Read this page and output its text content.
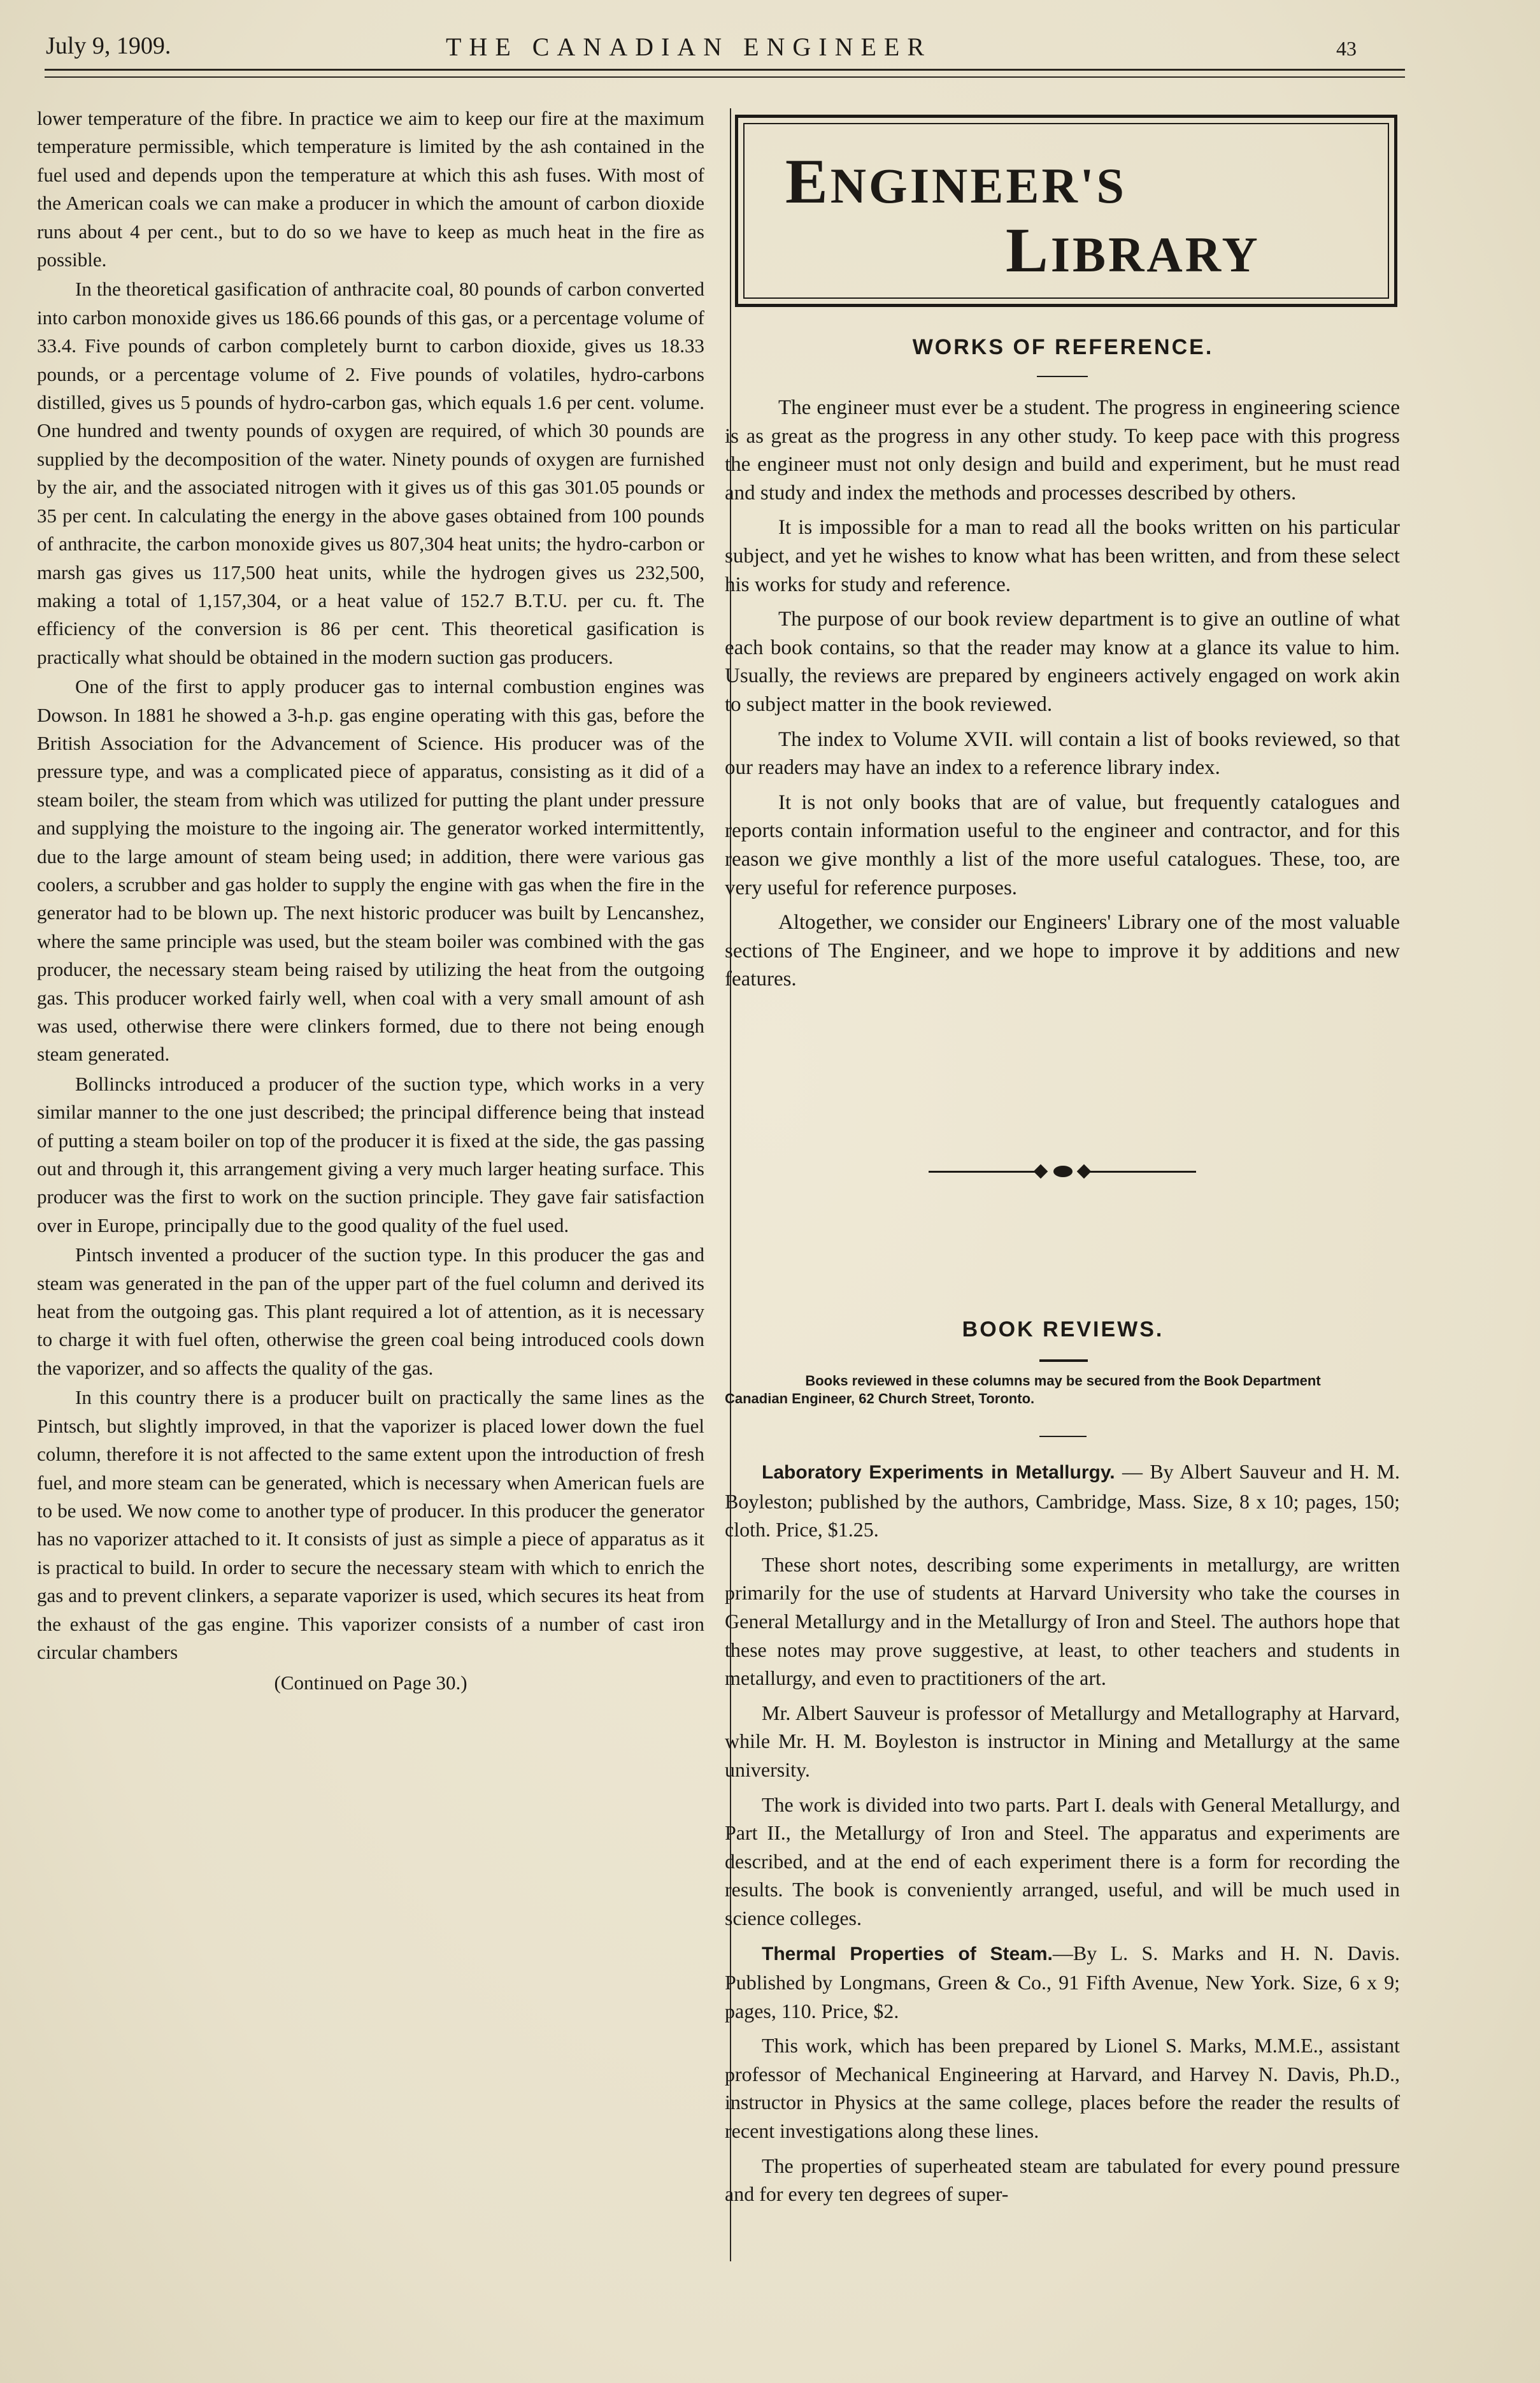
July 9, 1909.	THE CANADIAN ENGINEER	43

lower temperature of the fibre. In practice we aim to keep our fire at the maximum temperature permissible, which temperature is limited by the ash contained in the fuel used and depends upon the temperature at which this ash fuses. With most of the American coals we can make a producer in which the amount of carbon dioxide runs about 4 per cent., but to do so we have to keep as much heat in the fire as possible.

In the theoretical gasification of anthracite coal, 80 pounds of carbon converted into carbon monoxide gives us 186.66 pounds of this gas, or a percentage volume of 33.4. Five pounds of carbon completely burnt to carbon dioxide, gives us 18.33 pounds, or a percentage volume of 2. Five pounds of volatiles, hydro-carbons distilled, gives us 5 pounds of hydro-carbon gas, which equals 1.6 per cent. volume. One hundred and twenty pounds of oxygen are required, of which 30 pounds are supplied by the decomposition of the water. Ninety pounds of oxygen are furnished by the air, and the associated nitrogen with it gives us of this gas 301.05 pounds or 35 per cent. In calculating the energy in the above gases obtained from 100 pounds of anthracite, the carbon monoxide gives us 807,304 heat units; the hydro-carbon or marsh gas gives us 117,500 heat units, while the hydrogen gives us 232,500, making a total of 1,157,304, or a heat value of 152.7 B.T.U. per cu. ft. The efficiency of the conversion is 86 per cent. This theoretical gasification is practically what should be obtained in the modern suction gas producers.

One of the first to apply producer gas to internal combustion engines was Dowson. In 1881 he showed a 3-h.p. gas engine operating with this gas, before the British Association for the Advancement of Science. His producer was of the pressure type, and was a complicated piece of apparatus, consisting as it did of a steam boiler, the steam from which was utilized for putting the plant under pressure and supplying the moisture to the ingoing air. The generator worked intermittently, due to the large amount of steam being used; in addition, there were various gas coolers, a scrubber and gas holder to supply the engine with gas when the fire in the generator had to be blown up. The next historic producer was built by Lencanshez, where the same principle was used, but the steam boiler was combined with the gas producer, the necessary steam being raised by utilizing the heat from the outgoing gas. This producer worked fairly well, when coal with a very small amount of ash was used, otherwise there were clinkers formed, due to there not being enough steam generated.

Bollincks introduced a producer of the suction type, which works in a very similar manner to the one just described; the principal difference being that instead of putting a steam boiler on top of the producer it is fixed at the side, the gas passing out and through it, this arrangement giving a very much larger heating surface. This producer was the first to work on the suction principle. They gave fair satisfaction over in Europe, principally due to the good quality of the fuel used.

Pintsch invented a producer of the suction type. In this producer the gas and steam was generated in the pan of the upper part of the fuel column and derived its heat from the outgoing gas. This plant required a lot of attention, as it is necessary to charge it with fuel often, otherwise the green coal being introduced cools down the vaporizer, and so affects the quality of the gas.

In this country there is a producer built on practically the same lines as the Pintsch, but slightly improved, in that the vaporizer is placed lower down the fuel column, therefore it is not affected to the same extent upon the introduction of fresh fuel, and more steam can be generated, which is necessary when American fuels are to be used. We now come to another type of producer. In this producer the generator has no vaporizer attached to it. It consists of just as simple a piece of apparatus as it is practical to build. In order to secure the necessary steam with which to enrich the gas and to prevent clinkers, a separate vaporizer is used, which secures its heat from the exhaust of the gas engine. This vaporizer consists of a number of cast iron circular chambers

(Continued on Page 30.)
ENGINEER'S
LIBRARY
WORKS OF REFERENCE.

The engineer must ever be a student. The progress in engineering science is as great as the progress in any other study. To keep pace with this progress the engineer must not only design and build and experiment, but he must read and study and index the methods and processes described by others.

It is impossible for a man to read all the books written on his particular subject, and yet he wishes to know what has been written, and from these select his works for study and reference.

The purpose of our book review department is to give an outline of what each book contains, so that the reader may know at a glance its value to him. Usually, the reviews are prepared by engineers actively engaged on work akin to subject matter in the book reviewed.

The index to Volume XVII. will contain a list of books reviewed, so that our readers may have an index to a reference library index.

It is not only books that are of value, but frequently catalogues and reports contain information useful to the engineer and contractor, and for this reason we give monthly a list of the more useful catalogues. These, too, are very useful for reference purposes.

Altogether, we consider our Engineers' Library one of the most valuable sections of The Engineer, and we hope to improve it by additions and new features.

BOOK REVIEWS.
Books reviewed in these columns may be secured from the Book Department
Canadian Engineer, 62 Church Street, Toronto.

Laboratory Experiments in Metallurgy. — By Albert Sauveur and H. M. Boyleston; published by the authors, Cambridge, Mass. Size, 8 x 10; pages, 150; cloth. Price, $1.25.

These short notes, describing some experiments in metallurgy, are written primarily for the use of students at Harvard University who take the courses in General Metallurgy and in the Metallurgy of Iron and Steel. The authors hope that these notes may prove suggestive, at least, to other teachers and students in metallurgy, and even to practitioners of the art.

Mr. Albert Sauveur is professor of Metallurgy and Metallography at Harvard, while Mr. H. M. Boyleston is instructor in Mining and Metallurgy at the same university.

The work is divided into two parts. Part I. deals with General Metallurgy, and Part II., the Metallurgy of Iron and Steel. The apparatus and experiments are described, and at the end of each experiment there is a form for recording the results. The book is conveniently arranged, useful, and will be much used in science colleges.

Thermal Properties of Steam.—By L. S. Marks and H. N. Davis. Published by Longmans, Green & Co., 91 Fifth Avenue, New York. Size, 6 x 9; pages, 110. Price, $2.

This work, which has been prepared by Lionel S. Marks, M.M.E., assistant professor of Mechanical Engineering at Harvard, and Harvey N. Davis, Ph.D., instructor in Physics at the same college, places before the reader the results of recent investigations along these lines.

The properties of superheated steam are tabulated for every pound pressure and for every ten degrees of super-
